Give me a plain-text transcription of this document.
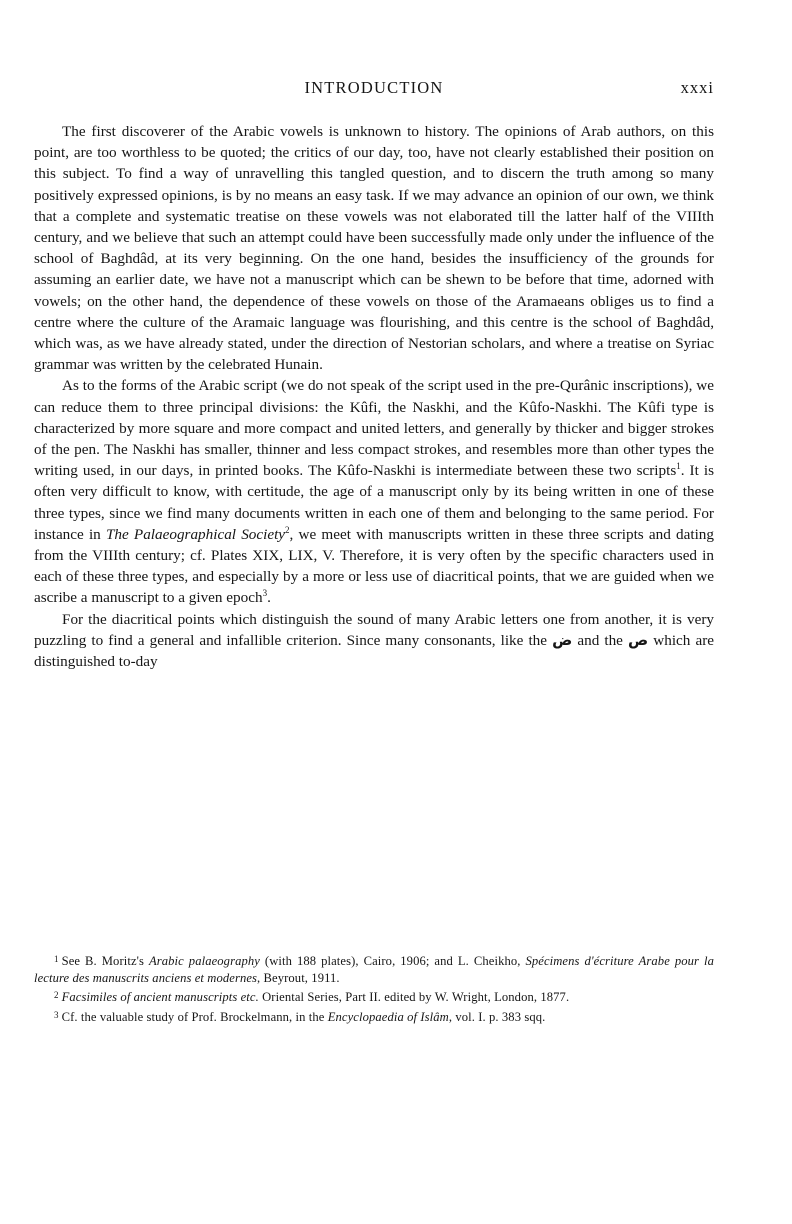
INTRODUCTION	xxxi

The first discoverer of the Arabic vowels is unknown to history. The opinions of Arab authors, on this point, are too worthless to be quoted; the critics of our day, too, have not clearly established their position on this subject. To find a way of unravelling this tangled question, and to discern the truth among so many positively expressed opinions, is by no means an easy task. If we may advance an opinion of our own, we think that a complete and systematic treatise on these vowels was not elaborated till the latter half of the VIIIth century, and we believe that such an attempt could have been successfully made only under the influence of the school of Baghdâd, at its very beginning. On the one hand, besides the insufficiency of the grounds for assuming an earlier date, we have not a manuscript which can be shewn to be before that time, adorned with vowels; on the other hand, the dependence of these vowels on those of the Aramaeans obliges us to find a centre where the culture of the Aramaic language was flourishing, and this centre is the school of Baghdâd, which was, as we have already stated, under the direction of Nestorian scholars, and where a treatise on Syriac grammar was written by the celebrated Hunain.

As to the forms of the Arabic script (we do not speak of the script used in the pre-Qurânic inscriptions), we can reduce them to three principal divisions: the Kûfi, the Naskhi, and the Kûfo-Naskhi. The Kûfi type is characterized by more square and more compact and united letters, and generally by thicker and bigger strokes of the pen. The Naskhi has smaller, thinner and less compact strokes, and resembles more than other types the writing used, in our days, in printed books. The Kûfo-Naskhi is intermediate between these two scripts$^1$. It is often very difficult to know, with certitude, the age of a manuscript only by its being written in one of these three types, since we find many documents written in each one of them and belonging to the same period. For instance in The Palaeographical Society$^2$, we meet with manuscripts written in these three scripts and dating from the VIIIth century; cf. Plates XIX, LIX, V. Therefore, it is very often by the specific characters used in each of these three types, and especially by a more or less use of diacritical points, that we are guided when we ascribe a manuscript to a given epoch$^3$.

For the diacritical points which distinguish the sound of many Arabic letters one from another, it is very puzzling to find a general and infallible criterion. Since many consonants, like the ض and the ص which are distinguished to-day

$^1$ See B. Moritz's Arabic palaeography (with 188 plates), Cairo, 1906; and L. Cheikho, Spécimens d'écriture Arabe pour la lecture des manuscrits anciens et modernes, Beyrout, 1911.

$^2$ Facsimiles of ancient manuscripts etc. Oriental Series, Part II. edited by W. Wright, London, 1877.

$^3$ Cf. the valuable study of Prof. Brockelmann, in the Encyclopaedia of Islâm, vol. I. p. 383 sqq.
